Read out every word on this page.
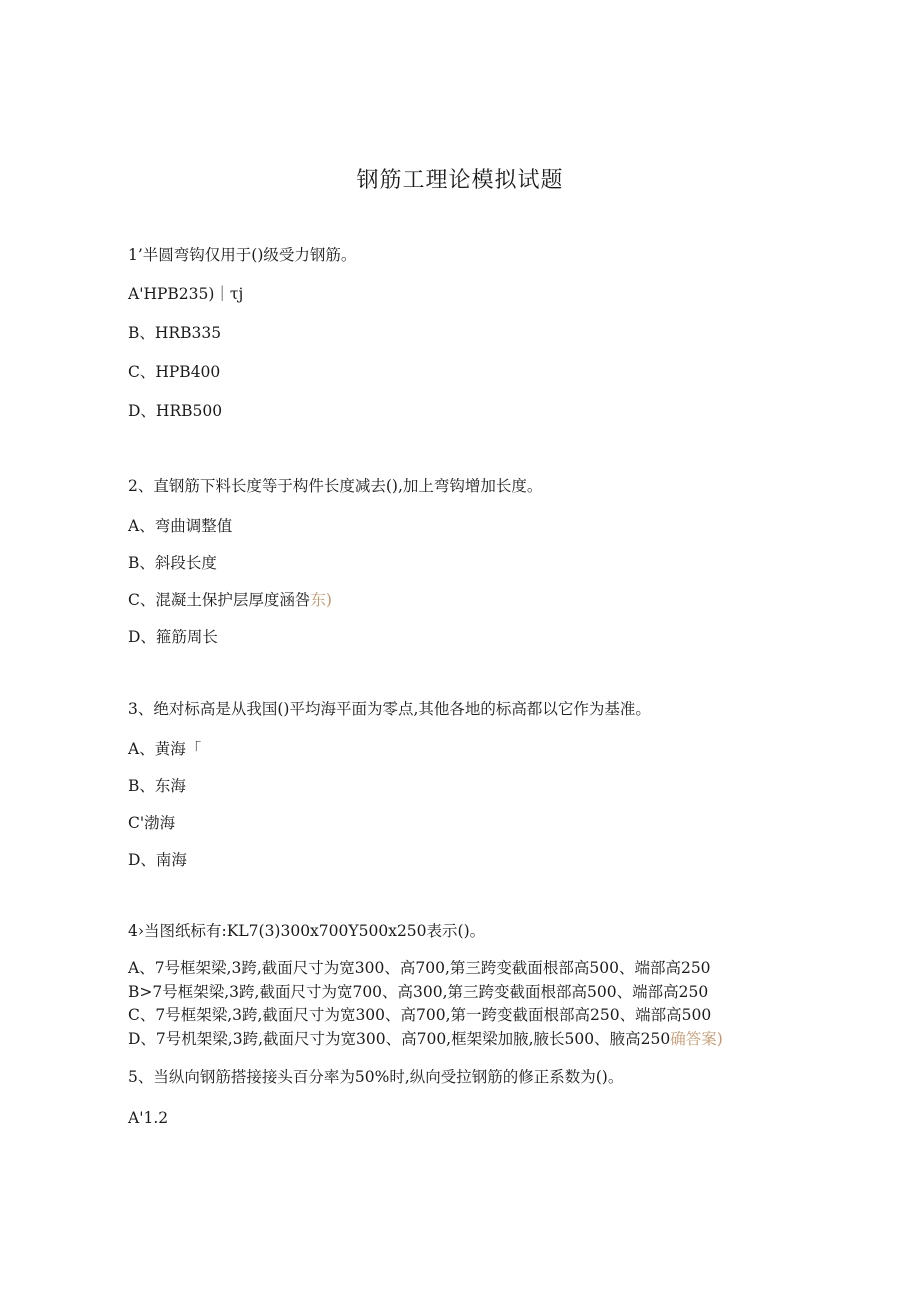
钢筋工理论模拟试题
1’半圆弯钩仅用于()级受力钢筋。
A'HPB235)｜τj
B、HRB335
C、HPB400
D、HRB500
2、直钢筋下料长度等于构件长度减去(),加上弯钩增加长度。
A、弯曲调整值
B、斜段长度
C、混凝土保护层厚度涵咎东)
D、箍筋周长
3、绝对标高是从我国()平均海平面为零点,其他各地的标高都以它作为基准。
A、黄海「
B、东海
C'渤海
D、南海
4›当图纸标有:KL7(3)300x700Y500x250表示()。
A、7号框架梁,3跨,截面尺寸为宽300、高700,第三跨变截面根部高500、端部高250
B>7号框架梁,3跨,截面尺寸为宽700、高300,第三跨变截面根部高500、端部高250
C、7号框架梁,3跨,截面尺寸为宽300、高700,第一跨变截面根部高250、端部高500
D、7号机架梁,3跨,截面尺寸为宽300、高700,框架梁加腋,腋长500、腋高250确答案)
5、当纵向钢筋搭接接头百分率为50%时,纵向受拉钢筋的修正系数为()。
A'1.2
